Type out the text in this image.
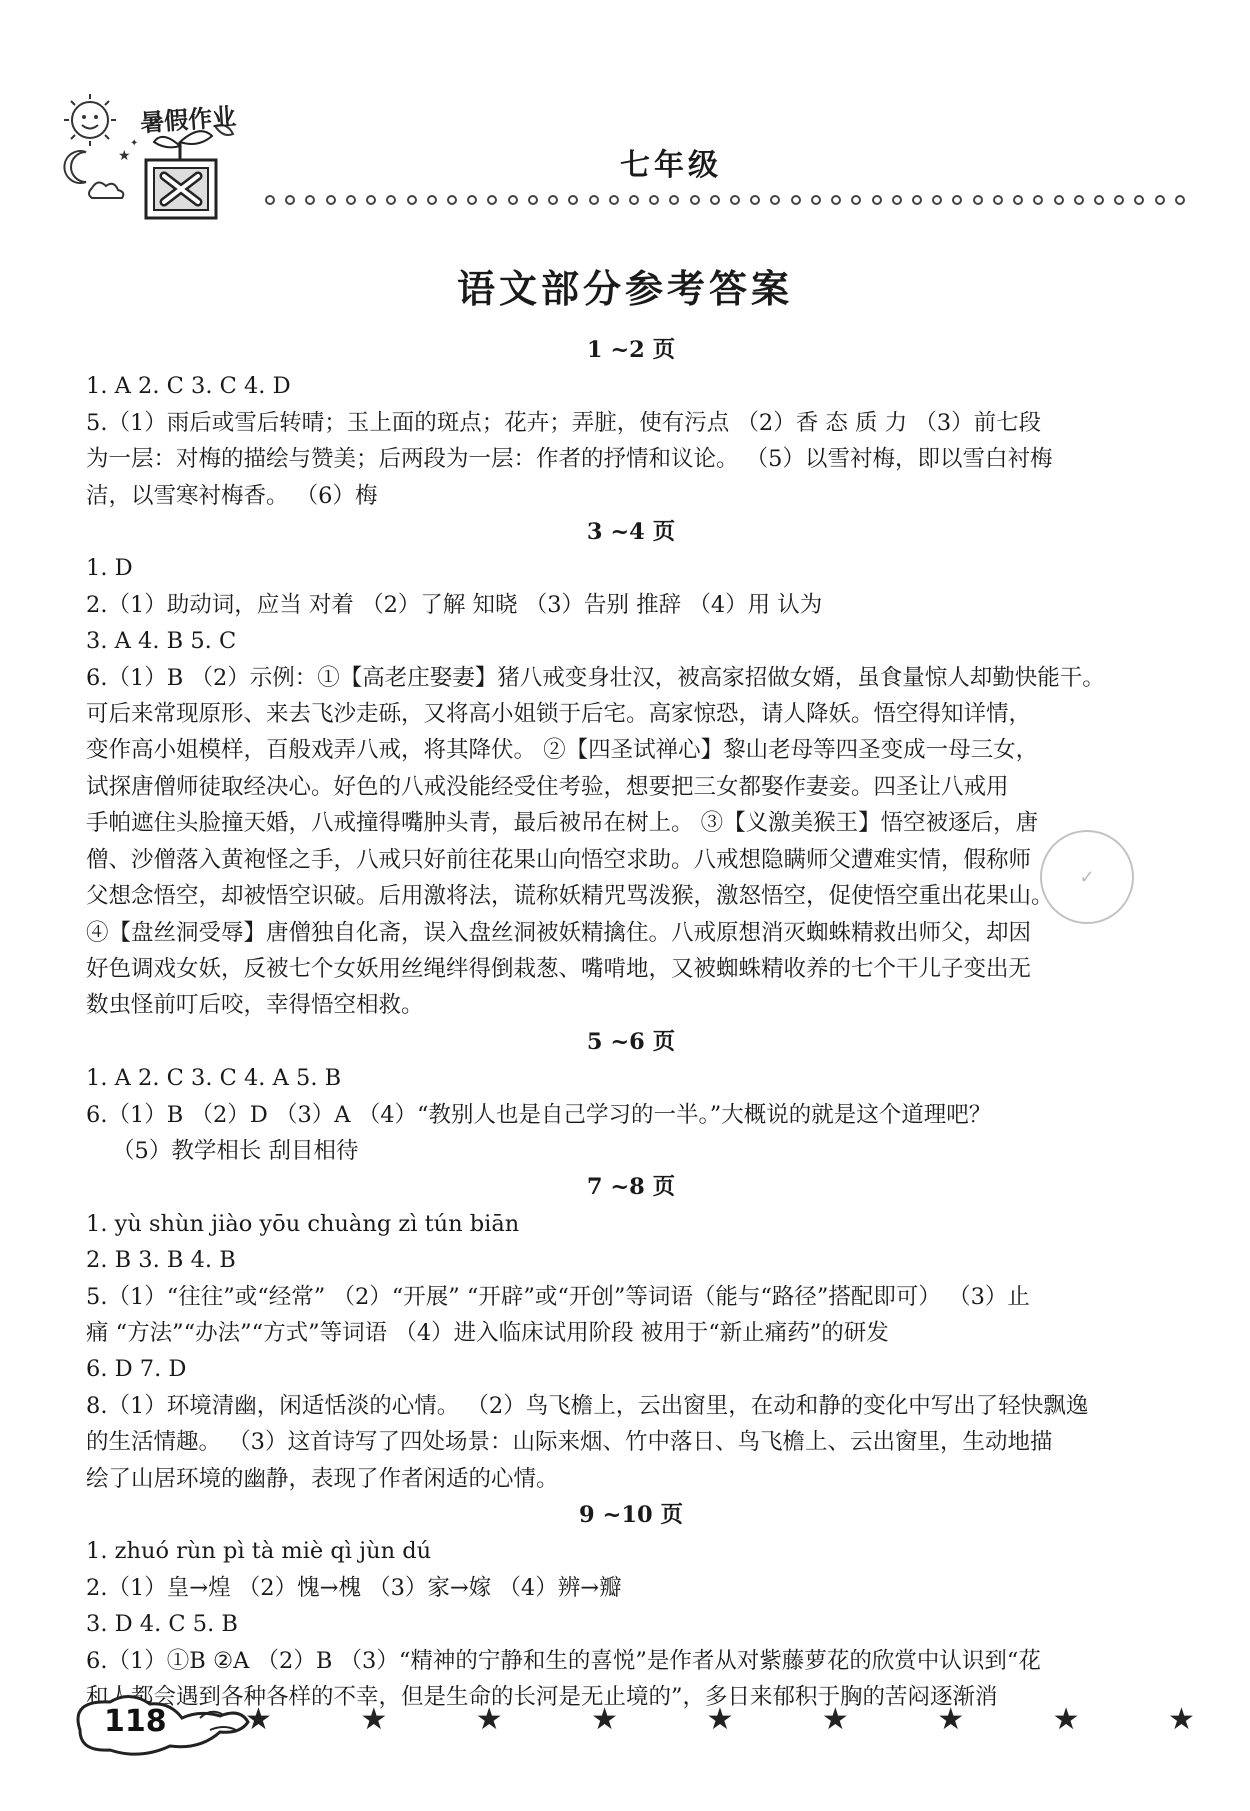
★
✦
暑假作业
七年级
语文部分参考答案
1 ~2 页
1. A 2. C 3. C 4. D
5.（1）雨后或雪后转晴；玉上面的斑点；花卉；弄脏，使有污点 （2）香 态 质 力 （3）前七段
为一层：对梅的描绘与赞美；后两段为一层：作者的抒情和议论。 （5）以雪衬梅，即以雪白衬梅
洁，以雪寒衬梅香。 （6）梅
3 ~4 页
1. D
2.（1）助动词，应当 对着 （2）了解 知晓 （3）告别 推辞 （4）用 认为
3. A 4. B 5. C
6.（1）B （2）示例：①【高老庄娶妻】猪八戒变身壮汉，被高家招做女婿，虽食量惊人却勤快能干。
可后来常现原形、来去飞沙走砾，又将高小姐锁于后宅。高家惊恐，请人降妖。悟空得知详情，
变作高小姐模样，百般戏弄八戒，将其降伏。 ②【四圣试禅心】黎山老母等四圣变成一母三女，
试探唐僧师徒取经决心。好色的八戒没能经受住考验，想要把三女都娶作妻妾。四圣让八戒用
手帕遮住头脸撞天婚，八戒撞得嘴肿头青，最后被吊在树上。 ③【义激美猴王】悟空被逐后，唐
僧、沙僧落入黄袍怪之手，八戒只好前往花果山向悟空求助。八戒想隐瞒师父遭难实情，假称师
父想念悟空，却被悟空识破。后用激将法，谎称妖精咒骂泼猴，激怒悟空，促使悟空重出花果山。
④【盘丝洞受辱】唐僧独自化斋，误入盘丝洞被妖精擒住。八戒原想消灭蜘蛛精救出师父，却因
好色调戏女妖，反被七个女妖用丝绳绊得倒栽葱、嘴啃地，又被蜘蛛精收养的七个干儿子变出无
数虫怪前叮后咬，幸得悟空相救。
5 ~6 页
1. A 2. C 3. C 4. A 5. B
6.（1）B （2）D （3）A （4）“教别人也是自己学习的一半。”大概说的就是这个道理吧？
（5）教学相长 刮目相待
7 ~8 页
1. yù shùn jiào yōu chuàng zì tún biān
2. B 3. B 4. B
5.（1）“往往”或“经常” （2）“开展” “开辟”或“开创”等词语（能与“路径”搭配即可） （3）止
痛 “方法”“办法”“方式”等词语 （4）进入临床试用阶段 被用于“新止痛药”的研发
6. D 7. D
8.（1）环境清幽，闲适恬淡的心情。 （2）鸟飞檐上，云出窗里，在动和静的变化中写出了轻快飘逸
的生活情趣。 （3）这首诗写了四处场景：山际来烟、竹中落日、鸟飞檐上、云出窗里，生动地描
绘了山居环境的幽静，表现了作者闲适的心情。
9 ~10 页
1. zhuó rùn pì tà miè qì jùn dú
2.（1）皇→煌 （2）愧→槐 （3）家→嫁 （4）辨→瓣
3. D 4. C 5. B
6.（1）①B ②A （2）B （3）“精神的宁静和生的喜悦”是作者从对紫藤萝花的欣赏中认识到“花
和人都会遇到各种各样的不幸，但是生命的长河是无止境的”，多日来郁积于胸的苦闷逐渐消
✓
118	★	★	★	★	★	★	★	★	★
